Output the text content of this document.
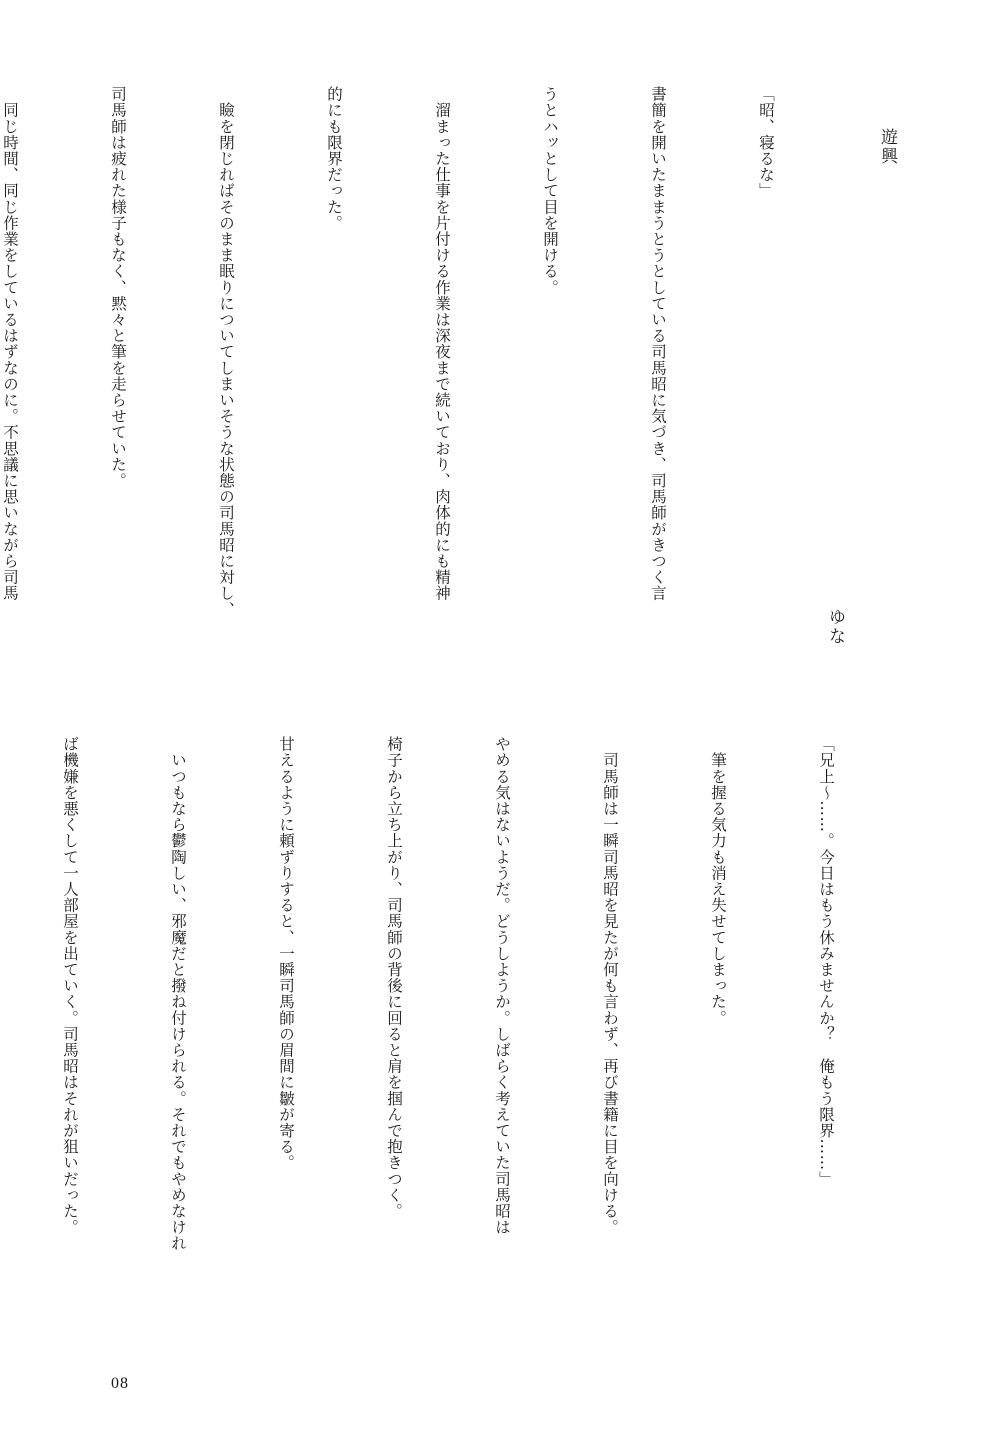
遊興
ゆな

「昭、寝るな」

書簡を開いたままうとうとしている司馬昭に気づき、司馬師がきつく言

うとハッとして目を開ける。

　溜まった仕事を片付ける作業は深夜まで続いており、肉体的にも精神

的にも限界だった。

　瞼を閉じればそのまま眠りについてしまいそうな状態の司馬昭に対し、

司馬師は疲れた様子もなく、黙々と筆を走らせていた。

　同じ時間、同じ作業をしているはずなのに。不思議に思いながら司馬

「兄上〜……。今日はもう休みませんか？　俺もう限界……」

　筆を握る気力も消え失せてしまった。

　司馬師は一瞬司馬昭を見たが何も言わず、再び書籍に目を向ける。

やめる気はないようだ。どうしようか。しばらく考えていた司馬昭は

椅子から立ち上がり、司馬師の背後に回ると肩を掴んで抱きつく。

甘えるように頼ずりすると、一瞬司馬師の眉間に皺が寄る。

　いつもなら鬱陶しい、邪魔だと撥ね付けられる。それでもやめなけれ

ば機嫌を悪くして一人部屋を出ていく。司馬昭はそれが狙いだった。

08
